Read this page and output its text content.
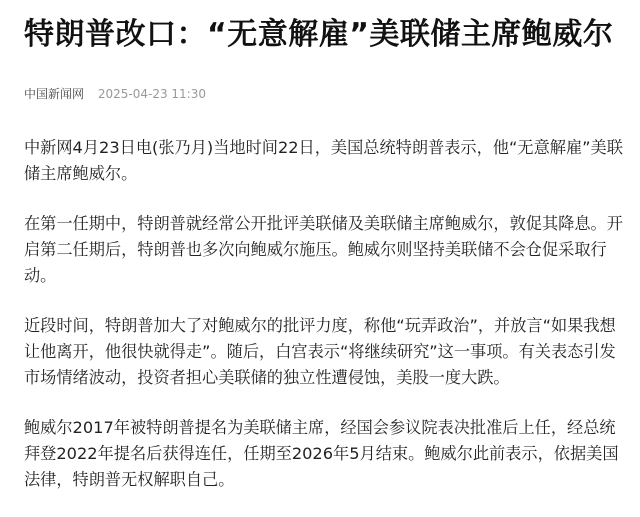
特朗普改口：“无意解雇”美联储主席鲍威尔
中国新闻网 2025-04-23 11:30

中新网4月23日电(张乃月)当地时间22日，美国总统特朗普表示，他“无意解雇”美联储主席鲍威尔。

在第一任期中，特朗普就经常公开批评美联储及美联储主席鲍威尔，敦促其降息。开启第二任期后，特朗普也多次向鲍威尔施压。鲍威尔则坚持美联储不会仓促采取行动。

近段时间，特朗普加大了对鲍威尔的批评力度，称他“玩弄政治”，并放言“如果我想让他离开，他很快就得走”。随后，白宫表示“将继续研究”这一事项。有关表态引发市场情绪波动，投资者担心美联储的独立性遭侵蚀，美股一度大跌。

鲍威尔2017年被特朗普提名为美联储主席，经国会参议院表决批准后上任，经总统拜登2022年提名后获得连任，任期至2026年5月结束。鲍威尔此前表示，依据美国法律，特朗普无权解职自己。
